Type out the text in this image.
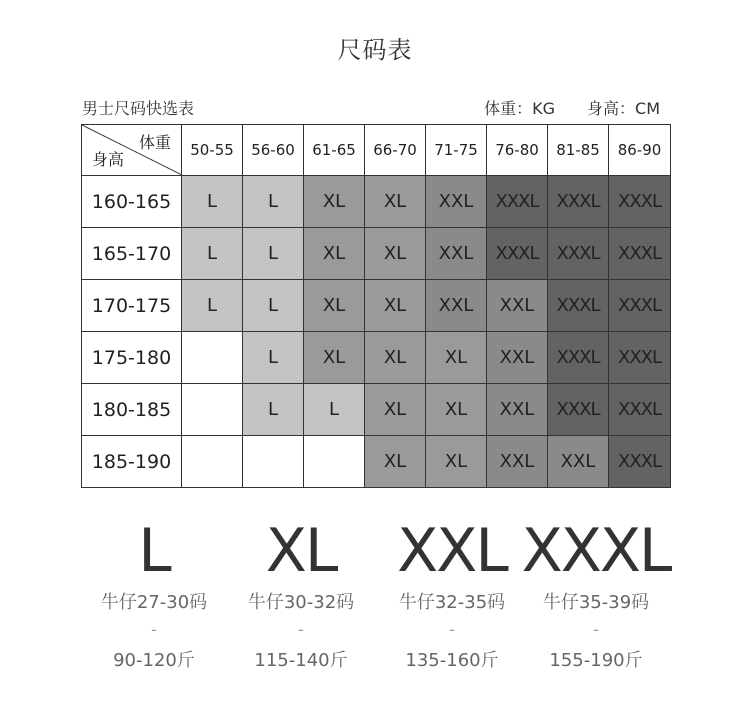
尺码表
男士尺码快选表	体重：KG 身高：CM
体重
身高	50-55	56-60	61-65	66-70	71-75	76-80	81-85	86-90
160-165	L	L	XL	XL	XXL	XXXL	XXXL	XXXL
165-170	L	L	XL	XL	XXL	XXXL	XXXL	XXXL
170-175	L	L	XL	XL	XXL	XXL	XXXL	XXXL
175-180		L	XL	XL	XL	XXL	XXXL	XXXL
180-185		L	L	XL	XL	XXL	XXXL	XXXL
185-190				XL	XL	XXL	XXL	XXXL
L
牛仔27-30码
-
90-120斤
XL
牛仔30-32码
-
115-140斤
XXL
牛仔32-35码
-
135-160斤
XXXL
牛仔35-39码
-
155-190斤
